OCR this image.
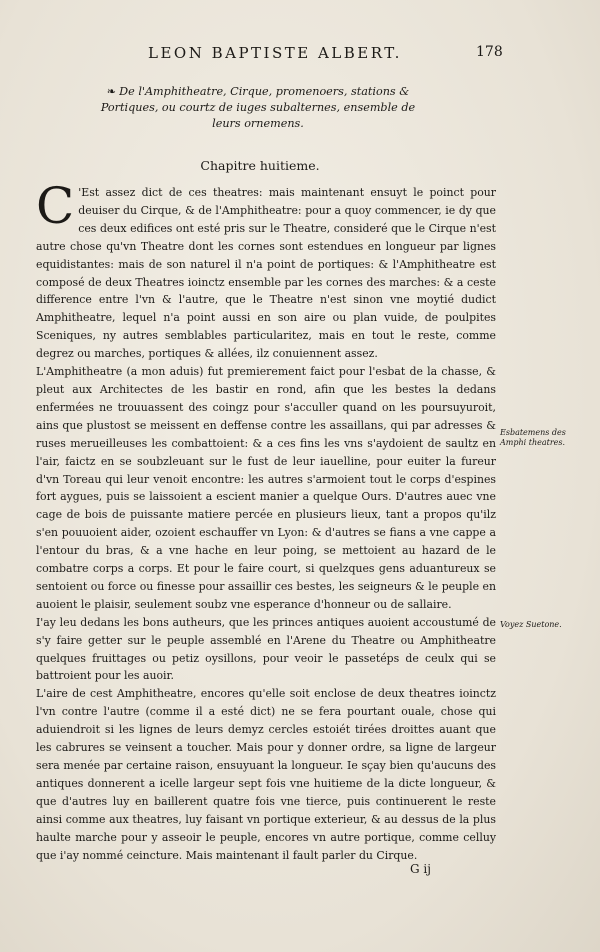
LEON BAPTISTE ALBERT.	178
❧ De l'Amphitheatre, Cirque, promenoers, stations & Portiques, ou courtz de iuges subalternes, ensemble de leurs ornemens.
Chapitre huitieme.

C 'Est assez dict de ces theatres: mais maintenant ensuyt le poinct pour deuiser du Cirque, & de l'Amphitheatre: pour a quoy commencer, ie dy que ces deux edifices ont esté pris sur le Theatre, consideré que le Cirque n'est autre chose qu'vn Theatre dont les cornes sont estendues en longueur par lignes equidistantes: mais de son naturel il n'a point de portiques: & l'Amphitheatre est composé de deux Theatres ioinctz ensemble par les cornes des marches: & a ceste difference entre l'vn & l'autre, que le Theatre n'est sinon vne moytié dudict Amphitheatre, lequel n'a point aussi en son aire ou plan vuide, de poulpites Sceniques, ny autres semblables particularitez, mais en tout le reste, comme degrez ou marches, portiques & allées, ilz conuiennent assez.

L'Amphitheatre (a mon aduis) fut premierement faict pour l'esbat de la chasse, & pleut aux Architectes de les bastir en rond, afin que les bestes la dedans enfermées ne trouuassent des coingz pour s'acculler quand on les poursuyuroit, ains que plustost se meissent en deffense contre les assaillans, qui par adresses & ruses merueilleuses les combattoient: & a ces fins les vns s'aydoient de saultz en l'air, faictz en se soubzleuant sur le fust de leur iauelline, pour euiter la fureur d'vn Toreau qui leur venoit encontre: les autres s'armoient tout le corps d'espines fort aygues, puis se laissoient a escient manier a quelque Ours. D'autres auec vne cage de bois de puissante matiere percée en plusieurs lieux, tant a propos qu'ilz s'en pouuoient aider, ozoient eschauffer vn Lyon: & d'autres se fians a vne cappe a l'entour du bras, & a vne hache en leur poing, se mettoient au hazard de le combatre corps a corps. Et pour le faire court, si quelzques gens aduantureux se sentoient ou force ou finesse pour assaillir ces bestes, les seigneurs & le peuple en auoient le plaisir, seulement soubz vne esperance d'honneur ou de sallaire.

I'ay leu dedans les bons autheurs, que les princes antiques auoient accoustumé de s'y faire getter sur le peuple assemblé en l'Arene du Theatre ou Amphitheatre quelques fruittages ou petiz oysillons, pour veoir le passetéps de ceulx qui se battroient pour les auoir.

L'aire de cest Amphitheatre, encores qu'elle soit enclose de deux theatres ioinctz l'vn contre l'autre (comme il a esté dict) ne se fera pourtant ouale, chose qui aduiendroit si les lignes de leurs demyz cercles estoiét tirées droittes auant que les cabrures se veinsent a toucher. Mais pour y donner ordre, sa ligne de largeur sera menée par certaine raison, ensuyuant la longueur. Ie sçay bien qu'aucuns des antiques donnerent a icelle largeur sept fois vne huitieme de la dicte longueur, & que d'autres luy en baillerent quatre fois vne tierce, puis continuerent le reste ainsi comme aux theatres, luy faisant vn portique exterieur, & au dessus de la plus haulte marche pour y asseoir le peuple, encores vn autre portique, comme celluy que i'ay nommé ceincture. Mais maintenant il fault parler du Cirque.

Esbatemens des Amphi theatres.
Voyez Suetone.
G ij
